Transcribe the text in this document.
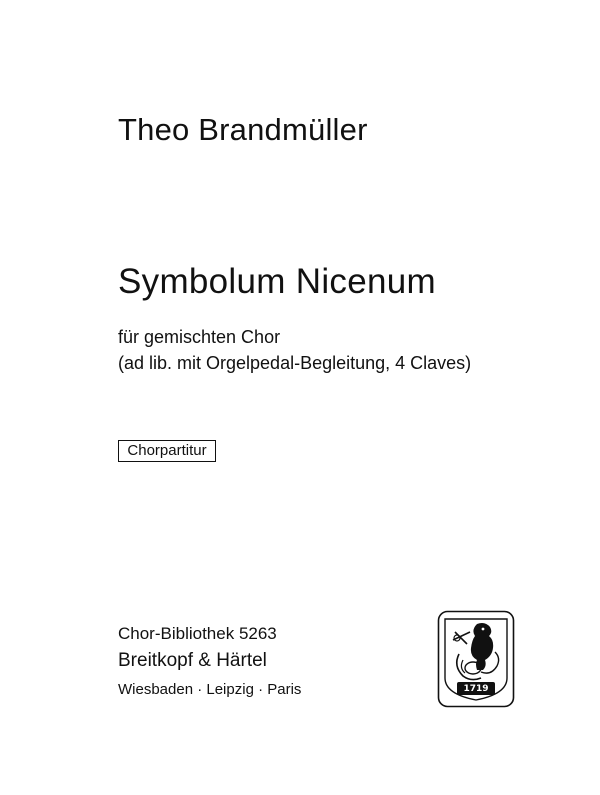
Theo Brandmüller
Symbolum Nicenum
für gemischten Chor
(ad lib. mit Orgelpedal-Begleitung, 4 Claves)
Chorpartitur
Chor-Bibliothek 5263
Breitkopf & Härtel
Wiesbaden · Leipzig · Paris	1719
